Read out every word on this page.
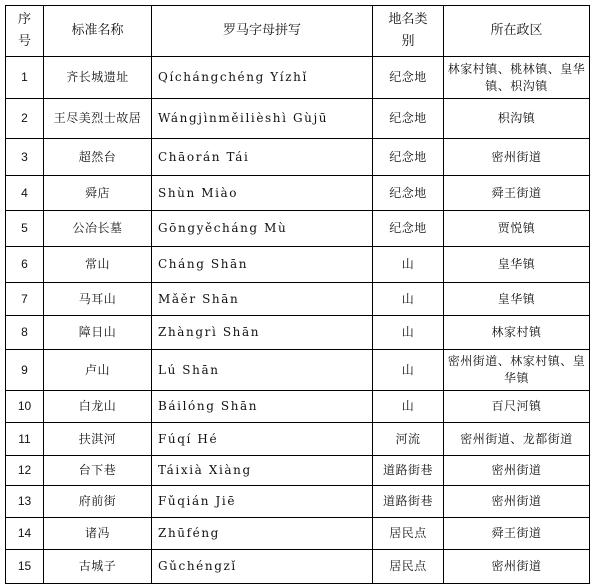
序号	标准名称	罗马字母拼写	地名类别	所在政区
1	齐长城遗址	Qíchángchéng Yízhǐ	纪念地	林家村镇、桃林镇、皇华镇、枳沟镇
2	王尽美烈士故居	Wángjìnměilièshì Gùjū	纪念地	枳沟镇
3	超然台	Chāorán Tái	纪念地	密州街道
4	舜店	Shùn Miào	纪念地	舜王街道
5	公冶长墓	Gōngyěcháng Mù	纪念地	贾悦镇
6	常山	Cháng Shān	山	皇华镇
7	马耳山	Mǎěr Shān	山	皇华镇
8	障日山	Zhàngrì Shān	山	林家村镇
9	卢山	Lú Shān	山	密州街道、林家村镇、皇华镇
10	白龙山	Báilóng Shān	山	百尺河镇
11	扶淇河	Fúqí Hé	河流	密州街道、龙都街道
12	台下巷	Táixià Xiàng	道路街巷	密州街道
13	府前街	Fǔqián Jiē	道路街巷	密州街道
14	诸冯	Zhūféng	居民点	舜王街道
15	古城子	Gǔchéngzǐ	居民点	密州街道
